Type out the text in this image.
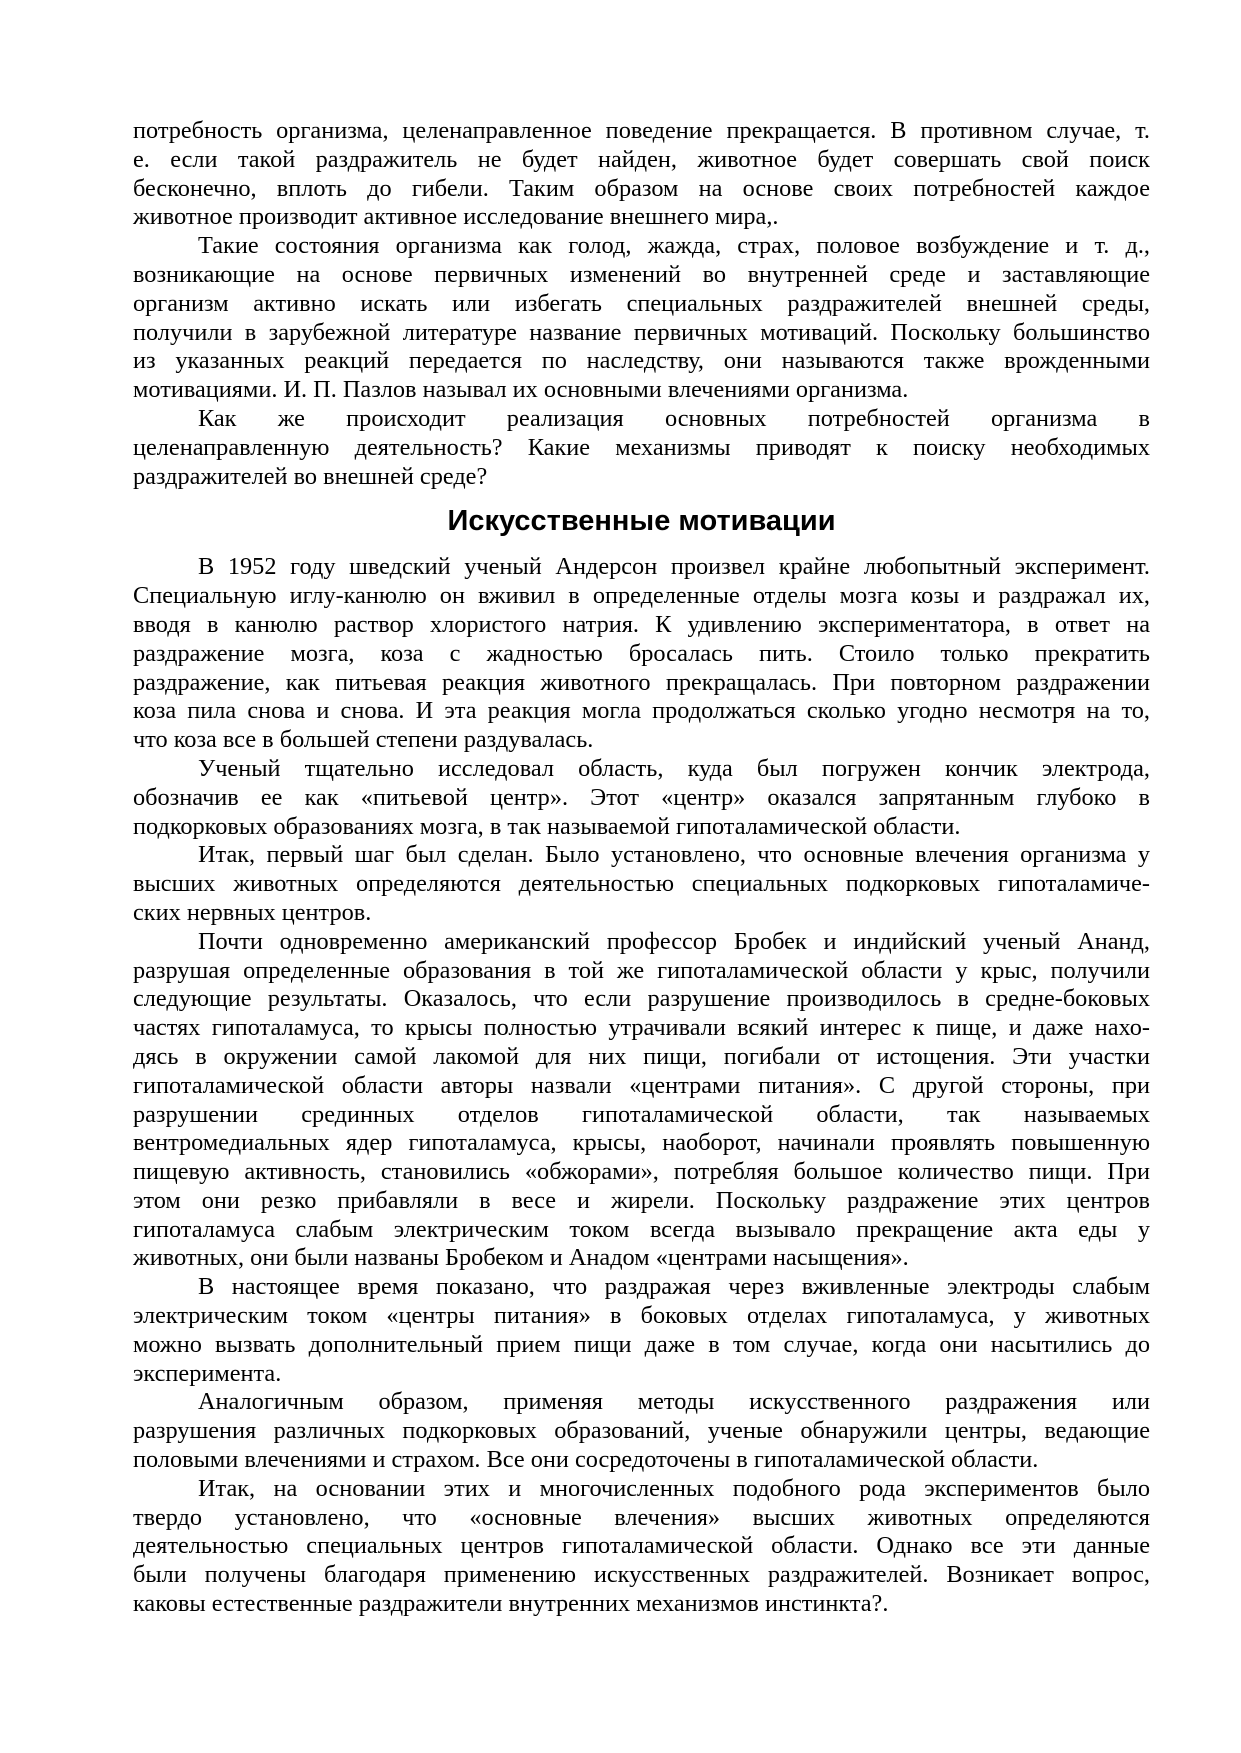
потребность организма, целенаправленное поведение прекращается. В противном случае, т.
е. если такой раздражитель не будет найден, животное будет совершать свой поиск
бесконечно, вплоть до гибели. Таким образом на основе своих потребностей каждое
животное производит активное исследование внешнего мира,.
Такие состояния организма как голод, жажда, страх, половое возбуждение и т. д.,
возникающие на основе первичных изменений во внутренней среде и заставляющие
организм активно искать или избегать специальных раздражителей внешней среды,
получили в зарубежной литературе название первичных мотиваций. Поскольку большинство
из указанных реакций передается по наследству, они называются также врожденными
мотивациями. И. П. Пазлов называл их основными влечениями организма.
Как же происходит реализация основных потребностей организма в
целенаправленную деятельность? Какие механизмы приводят к поиску необходимых
раздражителей во внешней среде?
Искусственные мотивации
В 1952 году шведский ученый Андерсон произвел крайне любопытный эксперимент.
Специальную иглу-канюлю он вживил в определенные отделы мозга козы и раздражал их,
вводя в канюлю раствор хлористого натрия. К удивлению экспериментатора, в ответ на
раздражение мозга, коза с жадностью бросалась пить. Стоило только прекратить
раздражение, как питьевая реакция животного прекращалась. При повторном раздражении
коза пила снова и снова. И эта реакция могла продолжаться сколько угодно несмотря на то,
что коза все в большей степени раздувалась.
Ученый тщательно исследовал область, куда был погружен кончик электрода,
обозначив ее как «питьевой центр». Этот «центр» оказался запрятанным глубоко в
подкорковых образованиях мозга, в так называемой гипоталамической области.
Итак, первый шаг был сделан. Было установлено, что основные влечения организма у
высших животных определяются деятельностью специальных подкорковых гипоталамиче-
ских нервных центров.
Почти одновременно американский профессор Бробек и индийский ученый Ананд,
разрушая определенные образования в той же гипоталамической области у крыс, получили
следующие результаты. Оказалось, что если разрушение производилось в средне-боковых
частях гипоталамуса, то крысы полностью утрачивали всякий интерес к пище, и даже нахо-
дясь в окружении самой лакомой для них пищи, погибали от истощения. Эти участки
гипоталамической области авторы назвали «центрами питания». С другой стороны, при
разрушении срединных отделов гипоталамической области, так называемых
вентромедиальных ядер гипоталамуса, крысы, наоборот, начинали проявлять повышенную
пищевую активность, становились «обжорами», потребляя большое количество пищи. При
этом они резко прибавляли в весе и жирели. Поскольку раздражение этих центров
гипоталамуса слабым электрическим током всегда вызывало прекращение акта еды у
животных, они были названы Бробеком и Анадом «центрами насыщения».
В настоящее время показано, что раздражая через вживленные электроды слабым
электрическим током «центры питания» в боковых отделах гипоталамуса, у животных
можно вызвать дополнительный прием пищи даже в том случае, когда они насытились до
эксперимента.
Аналогичным образом, применяя методы искусственного раздражения или
разрушения различных подкорковых образований, ученые обнаружили центры, ведающие
половыми влечениями и страхом. Все они сосредоточены в гипоталамической области.
Итак, на основании этих и многочисленных подобного рода экспериментов было
твердо установлено, что «основные влечения» высших животных определяются
деятельностью специальных центров гипоталамической области. Однако все эти данные
были получены благодаря применению искусственных раздражителей. Возникает вопрос,
каковы естественные раздражители внутренних механизмов инстинкта?.
